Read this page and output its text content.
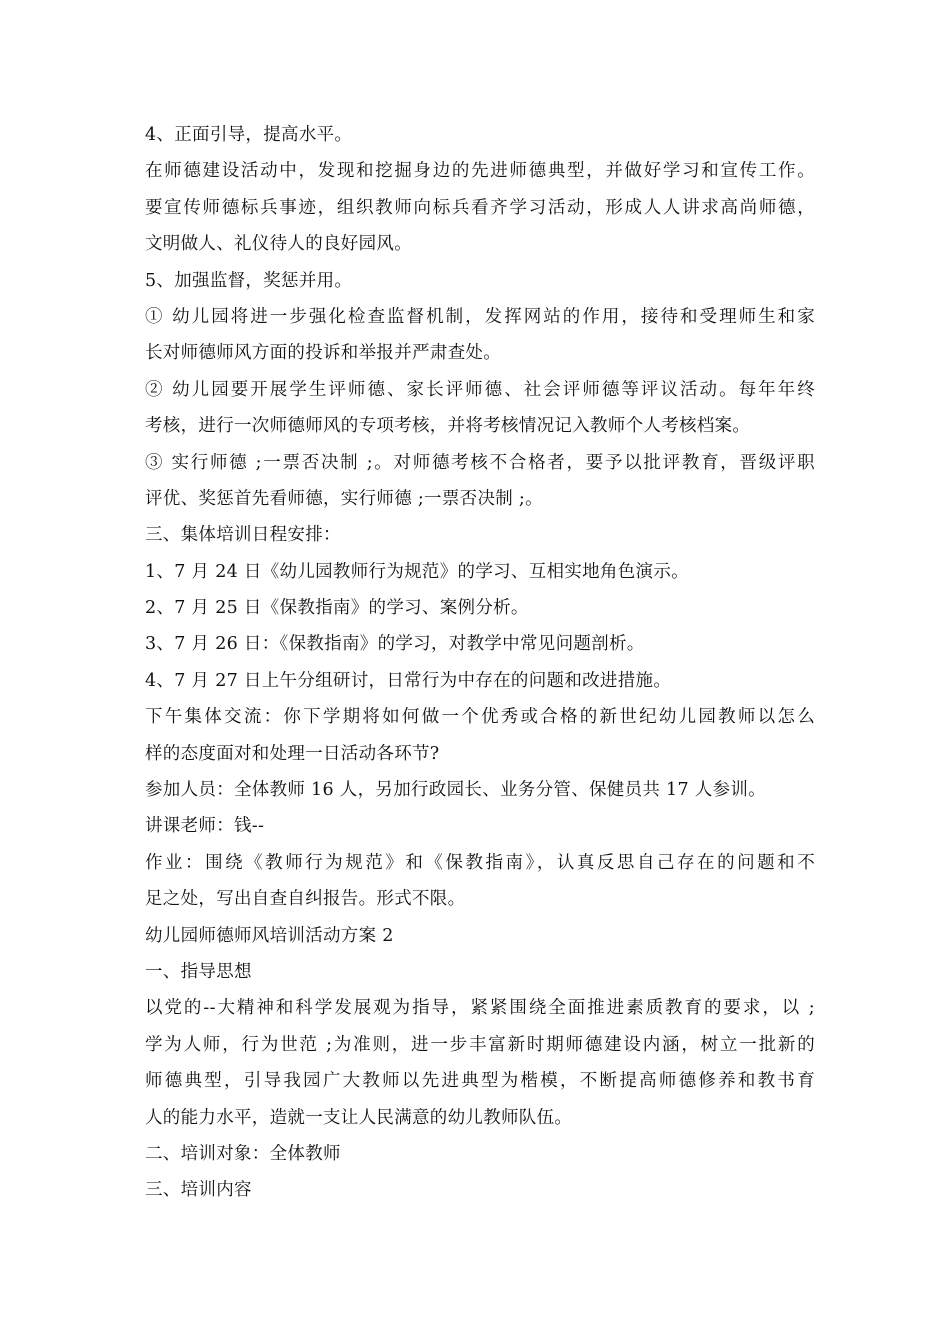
4、正面引导，提高水平。
在师德建设活动中，发现和挖掘身边的先进师德典型，并做好学习和宣传工作。
要宣传师德标兵事迹，组织教师向标兵看齐学习活动，形成人人讲求高尚师德，
文明做人、礼仪待人的良好园风。
5、加强监督，奖惩并用。
① 幼儿园将进一步强化检查监督机制，发挥网站的作用，接待和受理师生和家
长对师德师风方面的投诉和举报并严肃查处。
② 幼儿园要开展学生评师德、家长评师德、社会评师德等评议活动。每年年终
考核，进行一次师德师风的专项考核，并将考核情况记入教师个人考核档案。
③ 实行师德 ;一票否决制 ;。对师德考核不合格者，要予以批评教育，晋级评职
评优、奖惩首先看师德，实行师德 ;一票否决制 ;。
三、集体培训日程安排：
1、7 月 24 日《幼儿园教师行为规范》的学习、互相实地角色演示。
2、7 月 25 日《保教指南》的学习、案例分析。
3、7 月 26 日：《保教指南》的学习，对教学中常见问题剖析。
4、7 月 27 日上午分组研讨，日常行为中存在的问题和改进措施。
下午集体交流：你下学期将如何做一个优秀或合格的新世纪幼儿园教师以怎么
样的态度面对和处理一日活动各环节?
参加人员：全体教师 16 人，另加行政园长、业务分管、保健员共 17 人参训。
讲课老师：钱--
作业：围绕《教师行为规范》和《保教指南》，认真反思自己存在的问题和不
足之处，写出自查自纠报告。形式不限。
幼儿园师德师风培训活动方案 2
一、指导思想
以党的--大精神和科学发展观为指导，紧紧围绕全面推进素质教育的要求，以 ;
学为人师，行为世范 ;为准则，进一步丰富新时期师德建设内涵，树立一批新的
师德典型，引导我园广大教师以先进典型为楷模，不断提高师德修养和教书育
人的能力水平，造就一支让人民满意的幼儿教师队伍。
二、培训对象：全体教师
三、培训内容
